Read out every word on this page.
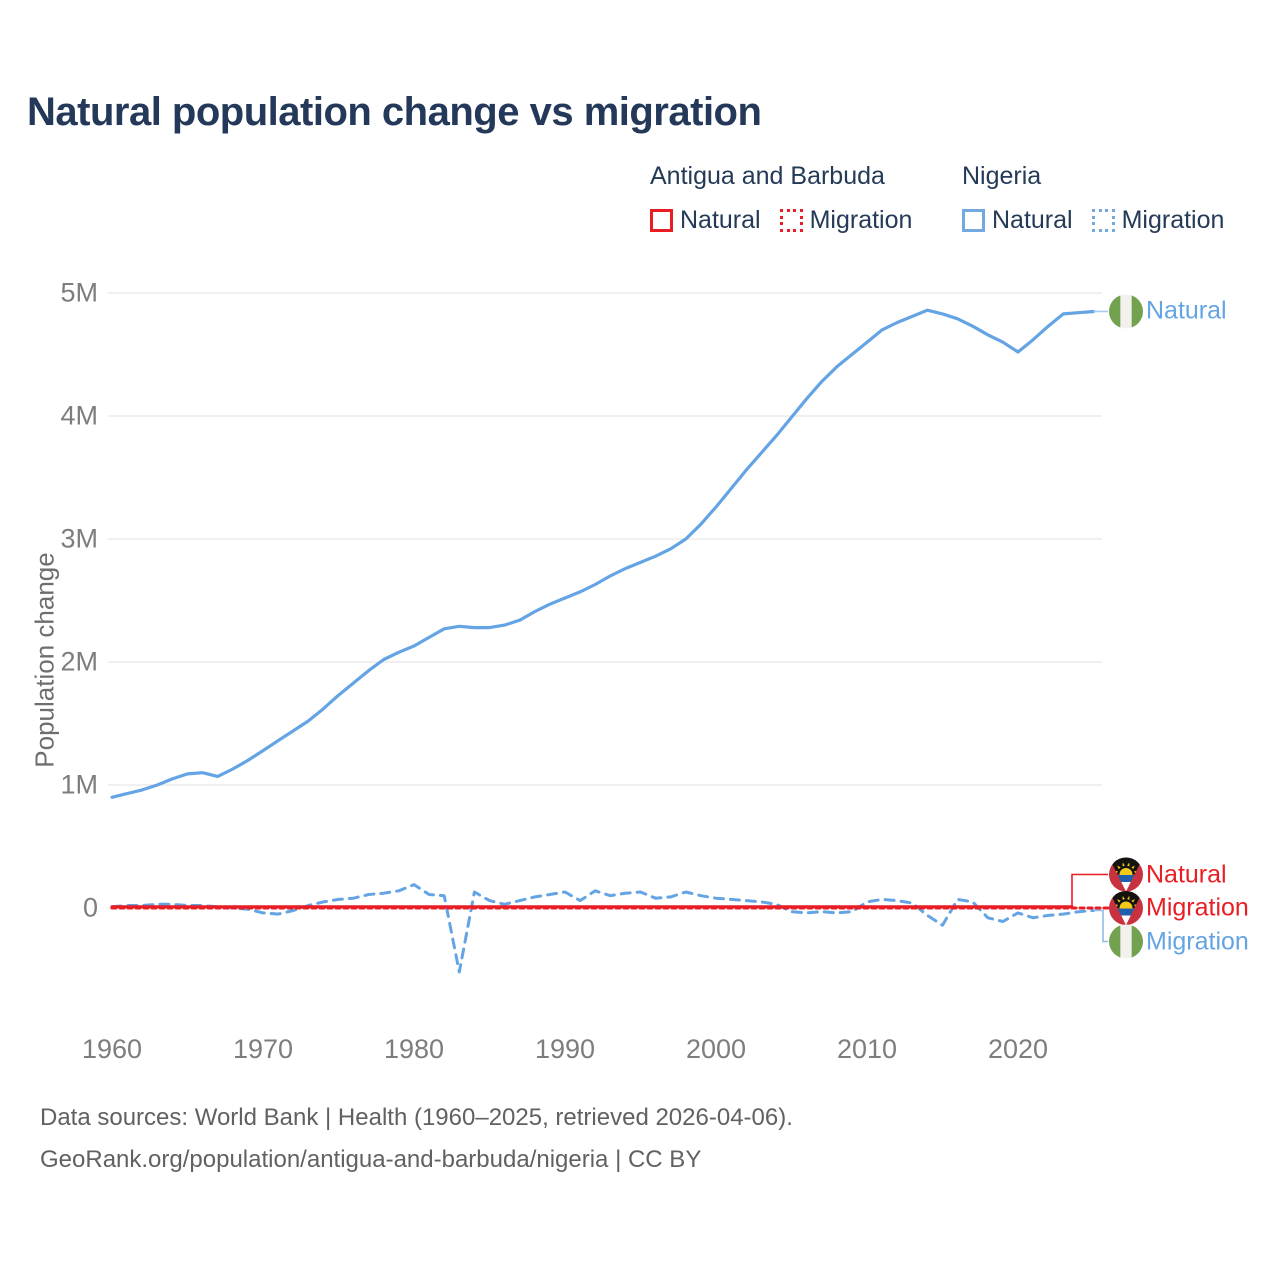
Natural population change vs migration
Antigua and Barbuda
Natural Migration
Nigeria
Natural Migration
Population change
0
1M
2M
3M
4M
5M
1960	1970	1980	1990	2000	2010	2020
Natural
Natural
Migration
Migration
Data sources: World Bank | Health (1960–2025, retrieved 2026-04-06).
GeoRank.org/population/antigua-and-barbuda/nigeria | CC BY
